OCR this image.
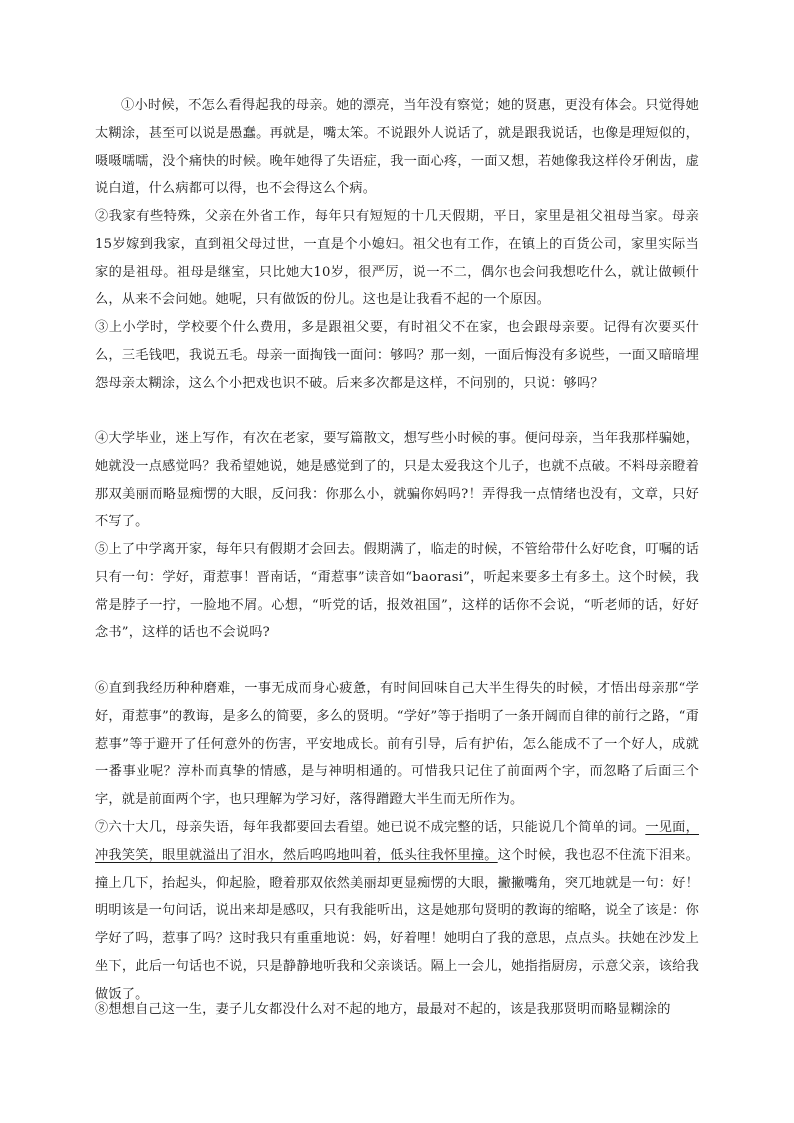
①小时候，不怎么看得起我的母亲。她的漂亮，当年没有察觉；她的贤惠，更没有体会。只觉得她太糊涂，甚至可以说是愚蠢。再就是，嘴太笨。不说跟外人说话了，就是跟我说话，也像是理短似的，嗫嗫嚅嚅，没个痛快的时候。晚年她得了失语症，我一面心疼，一面又想，若她像我这样伶牙俐齿，虚说白道，什么病都可以得，也不会得这么个病。

②我家有些特殊，父亲在外省工作，每年只有短短的十几天假期，平日，家里是祖父祖母当家。母亲15岁嫁到我家，直到祖父母过世，一直是个小媳妇。祖父也有工作，在镇上的百货公司，家里实际当家的是祖母。祖母是继室，只比她大10岁，很严厉，说一不二，偶尔也会问我想吃什么，就让做顿什么，从来不会问她。她呢，只有做饭的份儿。这也是让我看不起的一个原因。

③上小学时，学校要个什么费用，多是跟祖父要，有时祖父不在家，也会跟母亲要。记得有次要买什么，三毛钱吧，我说五毛。母亲一面掏钱一面问：够吗？那一刻，一面后悔没有多说些，一面又暗暗埋怨母亲太糊涂，这么个小把戏也识不破。后来多次都是这样，不问别的，只说：够吗？

④大学毕业，迷上写作，有次在老家，要写篇散文，想写些小时候的事。便问母亲，当年我那样骗她，她就没一点感觉吗？我希望她说，她是感觉到了的，只是太爱我这个儿子，也就不点破。不料母亲瞪着那双美丽而略显痴愣的大眼，反问我：你那么小，就骗你妈吗?！弄得我一点情绪也没有，文章，只好不写了。

⑤上了中学离开家，每年只有假期才会回去。假期满了，临走的时候，不管给带什么好吃食，叮嘱的话只有一句：学好，甭惹事！晋南话，“甭惹事”读音如“baorasi”，听起来要多土有多土。这个时候，我常是脖子一拧，一脸地不屑。心想，“听党的话，报效祖国”，这样的话你不会说，“听老师的话，好好念书”，这样的话也不会说吗?

⑥直到我经历种种磨难，一事无成而身心疲惫，有时间回味自己大半生得失的时候，才悟出母亲那“学好，甭惹事”的教诲，是多么的简要，多么的贤明。“学好”等于指明了一条开阔而自律的前行之路，“甭惹事”等于避开了任何意外的伤害，平安地成长。前有引导，后有护佑，怎么能成不了一个好人，成就一番事业呢？淳朴而真挚的情感，是与神明相通的。可惜我只记住了前面两个字，而忽略了后面三个字，就是前面两个字，也只理解为学习好，落得蹭蹬大半生而无所作为。

⑦六十大几，母亲失语，每年我都要回去看望。她已说不成完整的话，只能说几个简单的词。一见面，冲我笑笑，眼里就溢出了泪水，然后呜呜地叫着，低头往我怀里撞。这个时候，我也忍不住流下泪来。撞上几下，抬起头，仰起脸，瞪着那双依然美丽却更显痴愣的大眼，撇撇嘴角，突兀地就是一句：好！明明该是一句问话，说出来却是感叹，只有我能听出，这是她那句贤明的教诲的缩略，说全了该是：你学好了吗，惹事了吗？这时我只有重重地说：妈，好着哩！她明白了我的意思，点点头。扶她在沙发上坐下，此后一句话也不说，只是静静地听我和父亲谈话。隔上一会儿，她指指厨房，示意父亲，该给我做饭了。

⑧想想自己这一生，妻子儿女都没什么对不起的地方，最最对不起的，该是我那贤明而略显糊涂的
